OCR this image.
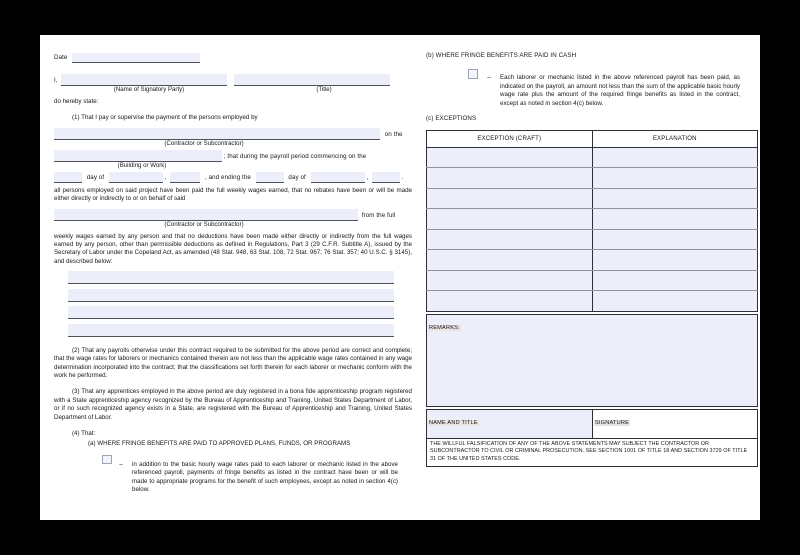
Date
I,
(Name of Signatory Party)	(Title)
do hereby state:
(1) That I pay or supervise the payment of the persons employed by
on the
(Contractor or Subcontractor)
; that during the payroll period commencing on the
(Building or Work)
day of	,	, and ending the	day of	,	.
all persons employed on said project have been paid the full weekly wages earned, that no rebates have been or will be made either directly or indirectly to or on behalf of said
from the full
(Contractor or Subcontractor)
weekly wages earned by any person and that no deductions have been made either directly or indirectly from the full wages earned by any person, other than permissible deductions as defined in Regulations, Part 3 (29 C.F.R. Subtitle A), issued by the Secretary of Labor under the Copeland Act, as amended (48 Stat. 948, 63 Stat. 108, 72 Stat. 967; 76 Stat. 357; 40 U.S.C. § 3145), and described below:
(2) That any payrolls otherwise under this contract required to be submitted for the above period are correct and complete; that the wage rates for laborers or mechanics contained therein are not less than the applicable wage rates contained in any wage determination incorporated into the contract; that the classifications set forth therein for each laborer or mechanic conform with the work he performed.
(3) That any apprentices employed in the above period are duly registered in a bona fide apprenticeship program registered with a State apprenticeship agency recognized by the Bureau of Apprenticeship and Training, United States Department of Labor, or if no such recognized agency exists in a State, are registered with the Bureau of Apprenticeship and Training, United States Department of Labor.
(4) That:
(a) WHERE FRINGE BENEFITS ARE PAID TO APPROVED PLANS, FUNDS, OR PROGRAMS
–	in addition to the basic hourly wage rates paid to each laborer or mechanic listed in the above referenced payroll, payments of fringe benefits as listed in the contract have been or will be made to appropriate programs for the benefit of such employees, except as noted in section 4(c) below.
(b) WHERE FRINGE BENEFITS ARE PAID IN CASH
–	Each laborer or mechanic listed in the above referenced payroll has been paid, as indicated on the payroll, an amount not less than the sum of the applicable basic hourly wage rate plus the amount of the required fringe benefits as listed in the contract, except as noted in section 4(c) below.
(c) EXCEPTIONS
EXCEPTION (CRAFT)	EXPLANATION

REMARKS:
NAME AND TITLE	SIGNATURE
THE WILLFUL FALSIFICATION OF ANY OF THE ABOVE STATEMENTS MAY SUBJECT THE CONTRACTOR OR SUBCONTRACTOR TO CIVIL OR CRIMINAL PROSECUTION. SEE SECTION 1001 OF TITLE 18 AND SECTION 3729 OF TITLE 31 OF THE UNITED STATES CODE.
